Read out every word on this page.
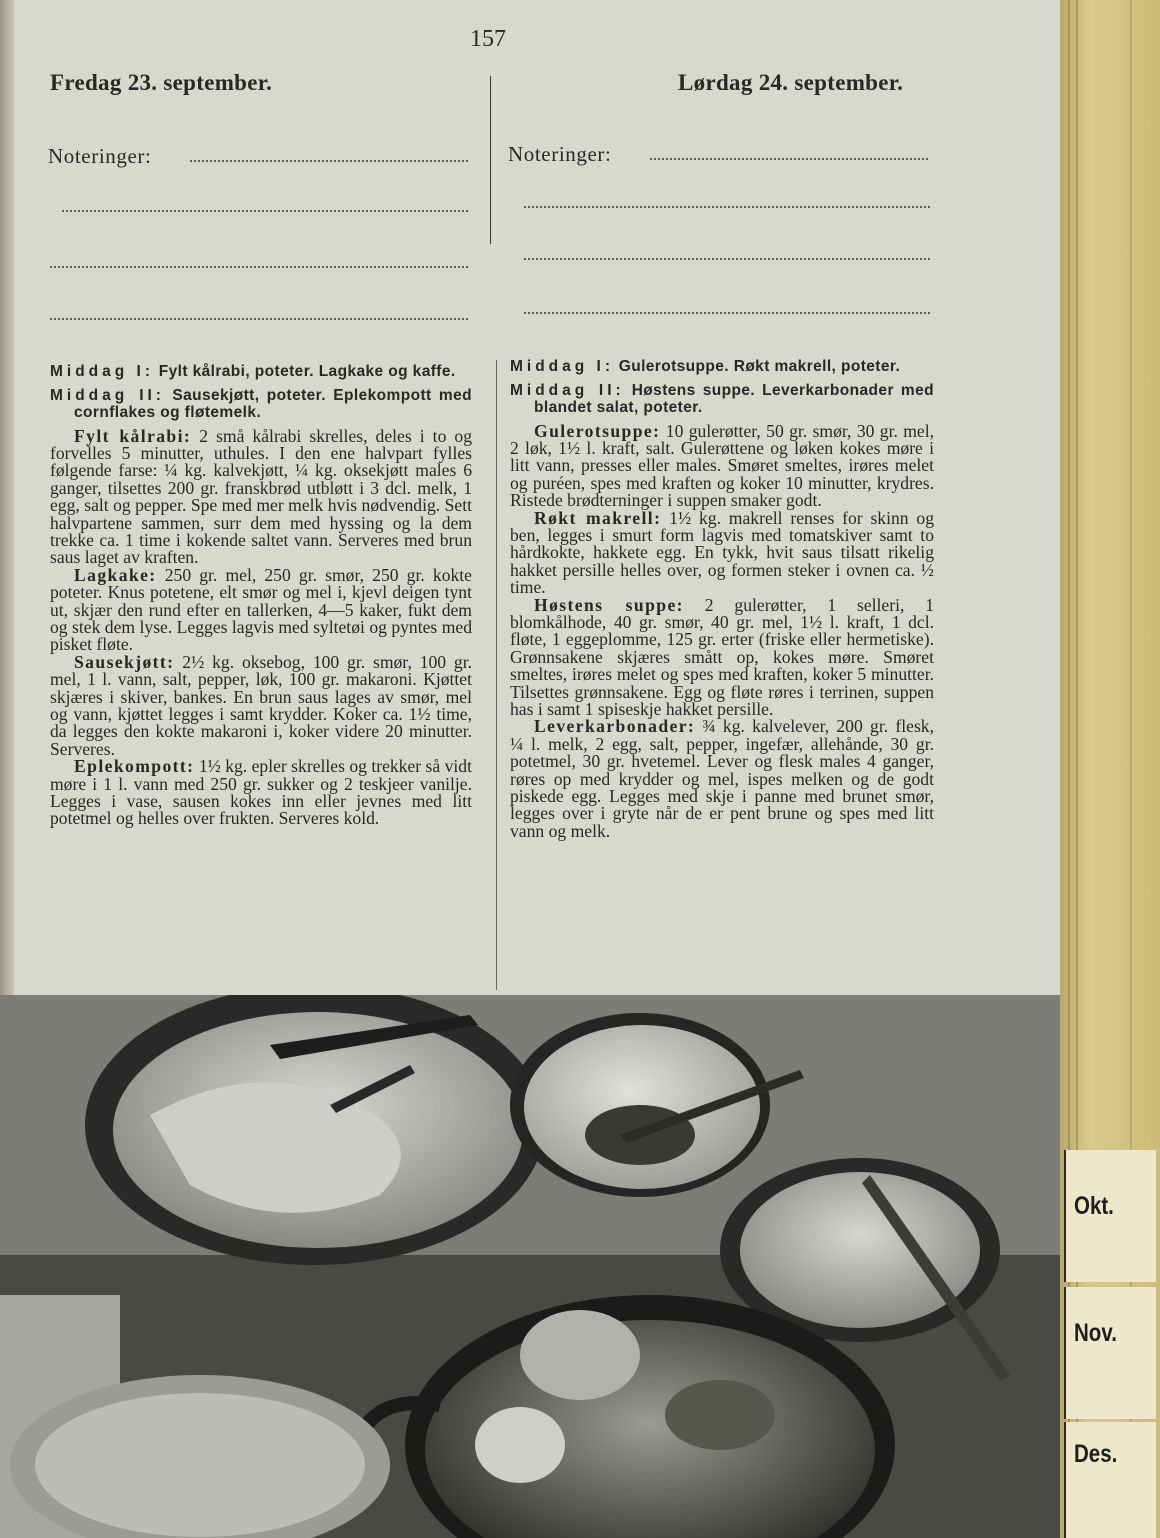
Okt.
Nov.
Des.
157
Fredag 23. september.	Lørdag 24. september.
Noteringer:	Noteringer:

Middag I: Fylt kålrabi, poteter. Lagkake og kaffe.

Middag II: Sausekjøtt, poteter. Eplekompott med cornflakes og fløtemelk.

Fylt kålrabi: 2 små kålrabi skrelles, deles i to og forvelles 5 minutter, uthules. I den ene halvpart fylles følgende farse: ¼ kg. kalvekjøtt, ¼ kg. oksekjøtt males 6 ganger, tilsettes 200 gr. franskbrød utbløtt i 3 dcl. melk, 1 egg, salt og pepper. Spe med mer melk hvis nødvendig. Sett halvpartene sammen, surr dem med hyssing og la dem trekke ca. 1 time i kokende saltet vann. Serveres med brun saus laget av kraften.

Lagkake: 250 gr. mel, 250 gr. smør, 250 gr. kokte poteter. Knus potetene, elt smør og mel i, kjevl deigen tynt ut, skjær den rund efter en tallerken, 4—5 kaker, fukt dem og stek dem lyse. Legges lagvis med syltetøi og pyntes med pisket fløte.

Sausekjøtt: 2½ kg. oksebog, 100 gr. smør, 100 gr. mel, 1 l. vann, salt, pepper, løk, 100 gr. makaroni. Kjøttet skjæres i skiver, bankes. En brun saus lages av smør, mel og vann, kjøttet legges i samt krydder. Koker ca. 1½ time, da legges den kokte makaroni i, koker videre 20 minutter. Serveres.

Eplekompott: 1½ kg. epler skrelles og trekker så vidt møre i 1 l. vann med 250 gr. sukker og 2 teskjeer vanilje. Legges i vase, sausen kokes inn eller jevnes med litt potetmel og helles over frukten. Serveres kold.

Middag I: Gulerotsuppe. Røkt makrell, poteter.

Middag II: Høstens suppe. Leverkarbonader med blandet salat, poteter.

Gulerotsuppe: 10 gulerøtter, 50 gr. smør, 30 gr. mel, 2 løk, 1½ l. kraft, salt. Gulerøttene og løken kokes møre i litt vann, presses eller males. Smøret smeltes, irøres melet og puréen, spes med kraften og koker 10 minutter, krydres. Ristede brødterninger i suppen smaker godt.

Røkt makrell: 1½ kg. makrell renses for skinn og ben, legges i smurt form lagvis med tomatskiver samt to hårdkokte, hakkete egg. En tykk, hvit saus tilsatt rikelig hakket persille helles over, og formen steker i ovnen ca. ½ time.

Høstens suppe: 2 gulerøtter, 1 selleri, 1 blomkålhode, 40 gr. smør, 40 gr. mel, 1½ l. kraft, 1 dcl. fløte, 1 eggeplomme, 125 gr. erter (friske eller hermetiske). Grønnsakene skjæres smått op, kokes møre. Smøret smeltes, irøres melet og spes med kraften, koker 5 minutter. Tilsettes grønnsakene. Egg og fløte røres i terrinen, suppen has i samt 1 spiseskje hakket persille.

Leverkarbonader: ¾ kg. kalvelever, 200 gr. flesk, ¼ l. melk, 2 egg, salt, pepper, ingefær, allehånde, 30 gr. potetmel, 30 gr. hvetemel. Lever og flesk males 4 ganger, røres op med krydder og mel, ispes melken og de godt piskede egg. Legges med skje i panne med brunet smør, legges over i gryte når de er pent brune og spes med litt vann og melk.
